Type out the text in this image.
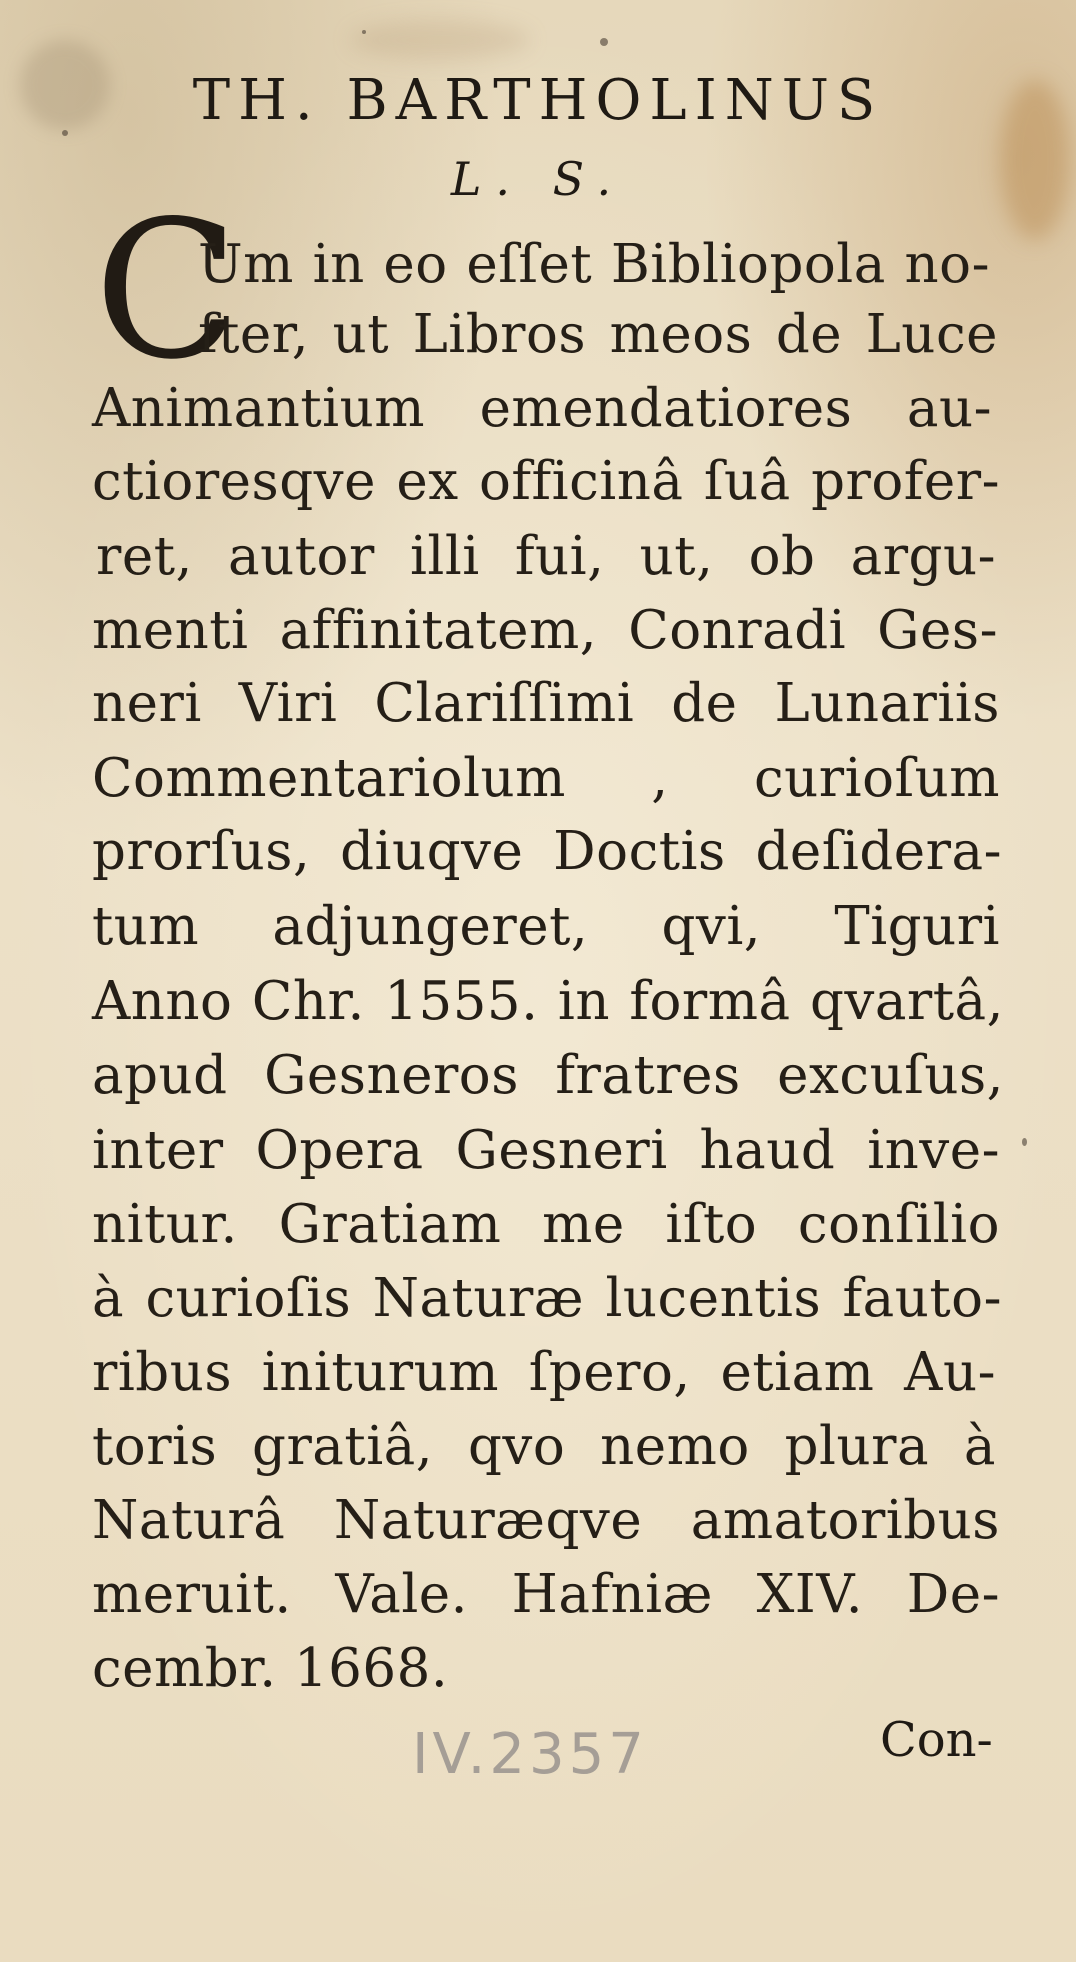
TH. BARTHOLINUS
L. S.
C
Um in eo eſſet Bibliopola no-
ſter, ut Libros meos de Luce
Animantium emendatiores au-
ctioresqve ex officinâ ſuâ profer-
ret, autor illi fui, ut, ob argu-
menti affinitatem, Conradi Ges-
neri Viri Clariſſimi de Lunariis
Commentariolum , curioſum
prorſus, diuqve Doctis deſidera-
tum adjungeret, qvi, Tiguri
Anno Chr. 1555. in formâ qvartâ,
apud Gesneros fratres excuſus,
inter Opera Gesneri haud inve-
nitur. Gratiam me iſto conſilio
à curioſis Naturæ lucentis fauto-
ribus initurum ſpero, etiam Au-
toris gratiâ, qvo nemo plura à
Naturâ Naturæqve amatoribus
meruit. Vale. Hafniæ XIV. De-
cembr. 1668.
IV.2357	Con-
